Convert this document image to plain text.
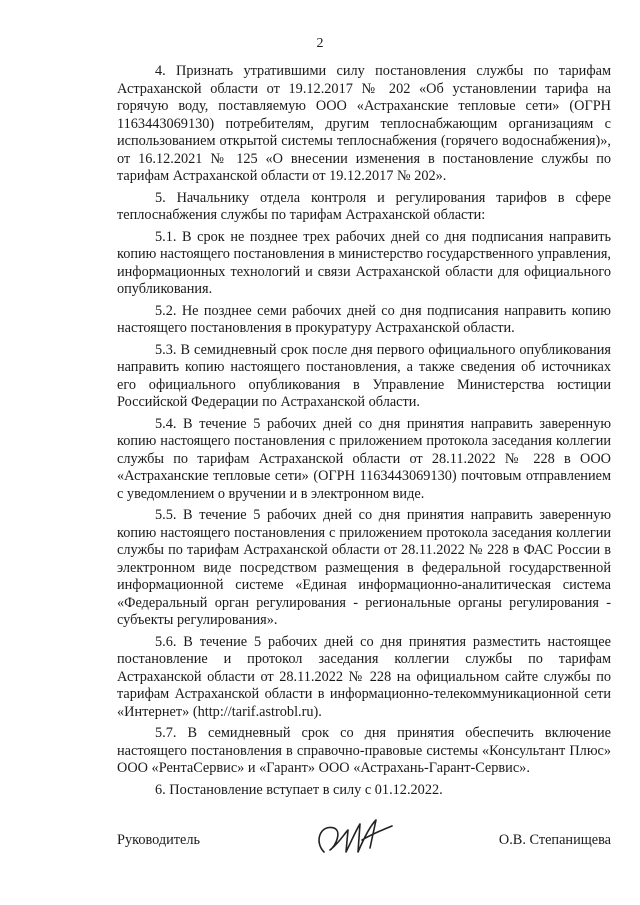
2

4. Признать утратившими силу постановления службы по тарифам Астраханской области от 19.12.2017 № 202 «Об установлении тарифа на горячую воду, поставляемую ООО «Астраханские тепловые сети» (ОГРН 1163443069130) потребителям, другим теплоснабжающим организациям с использованием открытой системы теплоснабжения (горячего водоснабжения)», от 16.12.2021 № 125 «О внесении изменения в постановление службы по тарифам Астраханской области от 19.12.2017 № 202».

5. Начальнику отдела контроля и регулирования тарифов в сфере теплоснабжения службы по тарифам Астраханской области:

5.1. В срок не позднее трех рабочих дней со дня подписания направить копию настоящего постановления в министерство государственного управления, информационных технологий и связи Астраханской области для официального опубликования.

5.2. Не позднее семи рабочих дней со дня подписания направить копию настоящего постановления в прокуратуру Астраханской области.

5.3. В семидневный срок после дня первого официального опубликования направить копию настоящего постановления, а также сведения об источниках его официального опубликования в Управление Министерства юстиции Российской Федерации по Астраханской области.

5.4. В течение 5 рабочих дней со дня принятия направить заверенную копию настоящего постановления с приложением протокола заседания коллегии службы по тарифам Астраханской области от 28.11.2022 № 228 в ООО «Астраханские тепловые сети» (ОГРН 1163443069130) почтовым отправлением с уведомлением о вручении и в электронном виде.

5.5. В течение 5 рабочих дней со дня принятия направить заверенную копию настоящего постановления с приложением протокола заседания коллегии службы по тарифам Астраханской области от 28.11.2022 № 228 в ФАС России в электронном виде посредством размещения в федеральной государственной информационной системе «Единая информационно-аналитическая система «Федеральный орган регулирования - региональные органы регулирования - субъекты регулирования».

5.6. В течение 5 рабочих дней со дня принятия разместить настоящее постановление и протокол заседания коллегии службы по тарифам Астраханской области от 28.11.2022 № 228 на официальном сайте службы по тарифам Астраханской области в информационно-телекоммуникационной сети «Интернет» (http://tarif.astrobl.ru).

5.7. В семидневный срок со дня принятия обеспечить включение настоящего постановления в справочно-правовые системы «Консультант Плюс» ООО «РентаСервис» и «Гарант» ООО «Астрахань-Гарант-Сервис».

6. Постановление вступает в силу с 01.12.2022.

Руководитель	О.В. Степанищева
